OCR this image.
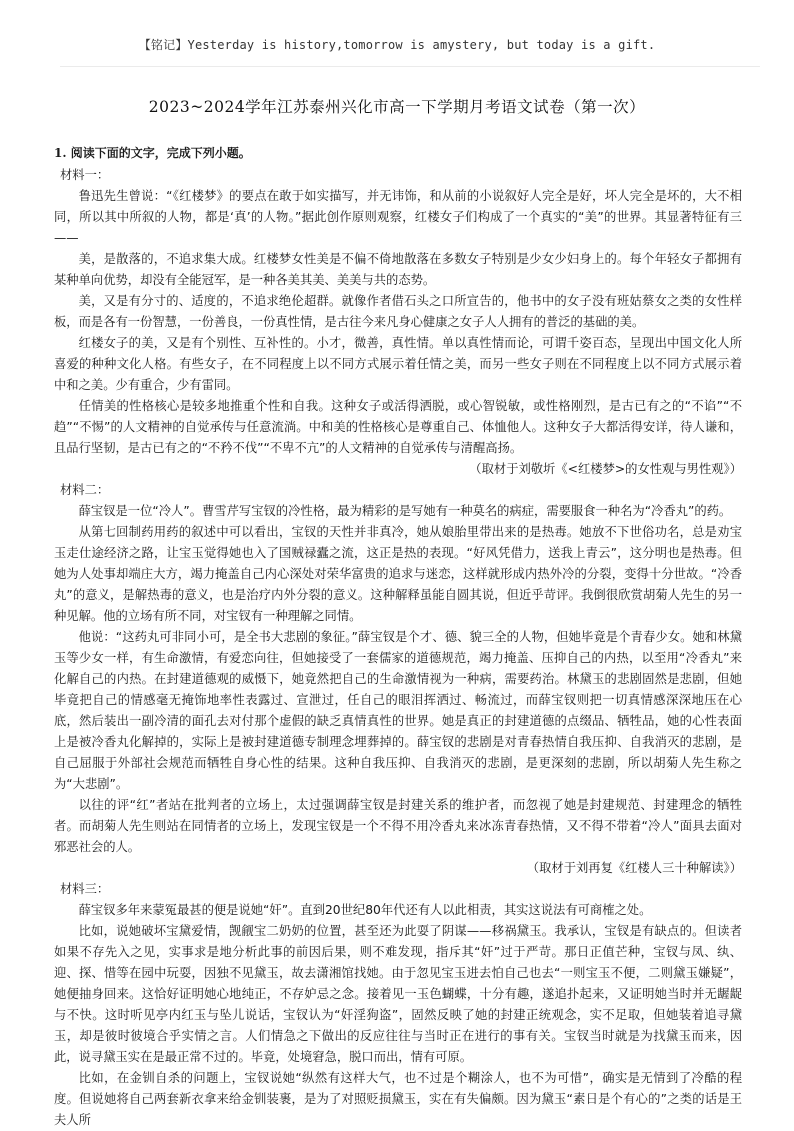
【铭记】Yesterday is history,tomorrow is amystery, but today is a gift.
2023~2024学年江苏泰州兴化市高一下学期月考语文试卷（第一次）

1. 阅读下面的文字，完成下列小题。

材料一：

鲁迅先生曾说：“《红楼梦》的要点在敢于如实描写，并无讳饰，和从前的小说叙好人完全是好，坏人完全是坏的，大不相同，所以其中所叙的人物，都是‘真’的人物。”据此创作原则观察，红楼女子们构成了一个真实的“美”的世界。其显著特征有三——

美，是散落的，不追求集大成。红楼梦女性美是不偏不倚地散落在多数女子特别是少女少妇身上的。每个年轻女子都拥有某种单向优势，却没有全能冠军，是一种各美其美、美美与共的态势。

美，又是有分寸的、适度的，不追求绝伦超群。就像作者借石头之口所宣告的，他书中的女子没有班姑蔡女之类的女性样板，而是各有一份智慧，一份善良，一份真性情，是古往今来凡身心健康之女子人人拥有的普泛的基础的美。

红楼女子的美，又是有个别性、互补性的。小才，微善，真性情。单以真性情而论，可谓千姿百态，呈现出中国文化人所喜爱的种种文化人格。有些女子，在不同程度上以不同方式展示着任情之美，而另一些女子则在不同程度上以不同方式展示着中和之美。少有重合，少有雷同。

任情美的性格核心是较多地推重个性和自我。这种女子或活得洒脱，或心智锐敏，或性格刚烈，是古已有之的“不谄”“不趋”“不惕”的人文精神的自觉承传与任意流淌。中和美的性格核心是尊重自己、体恤他人。这种女子大都活得安详，待人谦和，且品行坚韧，是古已有之的“不矜不伐”“不卑不亢”的人文精神的自觉承传与清醒高扬。

（取材于刘敬圻《<红楼梦>的女性观与男性观》）

材料二：

薛宝钗是一位“冷人”。曹雪芹写宝钗的冷性格，最为精彩的是写她有一种莫名的病症，需要服食一种名为“冷香丸”的药。

从第七回制药用药的叙述中可以看出，宝钗的天性并非真冷，她从娘胎里带出来的是热毒。她放不下世俗功名，总是劝宝玉走仕途经济之路，让宝玉觉得她也入了国贼禄蠹之流，这正是热的表现。“好风凭借力，送我上青云”，这分明也是热毒。但她为人处事却端庄大方，竭力掩盖自己内心深处对荣华富贵的追求与迷恋，这样就形成内热外冷的分裂，变得十分世故。“冷香丸”的意义，是解热毒的意义，也是治疗内外分裂的意义。这种解释虽能自圆其说，但近乎苛评。我倒很欣赏胡菊人先生的另一种见解。他的立场有所不同，对宝钗有一种理解之同情。

他说：“这药丸可非同小可，是全书大悲剧的象征。”薛宝钗是个才、德、貌三全的人物，但她毕竟是个青春少女。她和林黛玉等少女一样，有生命激情，有爱恋向往，但她接受了一套儒家的道德规范，竭力掩盖、压抑自己的内热，以至用“冷香丸”来化解自己的内热。在封建道德观的威慑下，她竟然把自己的生命激情视为一种病，需要药治。林黛玉的悲剧固然是悲剧，但她毕竟把自己的情感毫无掩饰地率性表露过、宣泄过，任自己的眼泪挥洒过、畅流过，而薛宝钗则把一切真情感深深地压在心底，然后装出一副冷清的面孔去对付那个虚假的缺乏真情真性的世界。她是真正的封建道德的点缀品、牺牲品，她的心性表面上是被冷香丸化解掉的，实际上是被封建道德专制理念埋葬掉的。薛宝钗的悲剧是对青春热情自我压抑、自我消灭的悲剧，是自己屈服于外部社会规范而牺牲自身心性的结果。这种自我压抑、自我消灭的悲剧，是更深刻的悲剧，所以胡菊人先生称之为“大悲剧”。

以往的评“红”者站在批判者的立场上，太过强调薛宝钗是封建关系的维护者，而忽视了她是封建规范、封建理念的牺牲者。而胡菊人先生则站在同情者的立场上，发现宝钗是一个不得不用冷香丸来冰冻青春热情，又不得不带着“冷人”面具去面对邪恶社会的人。

（取材于刘再复《红楼人三十种解读》）

材料三：

薛宝钗多年来蒙冤最甚的便是说她“奸”。直到20世纪80年代还有人以此相责，其实这说法有可商榷之处。

比如，说她破坏宝黛爱情，觊觎宝二奶奶的位置，甚至还为此耍了阴谋——移祸黛玉。我承认，宝钗是有缺点的。但读者如果不存先入之见，实事求是地分析此事的前因后果，则不难发现，指斥其“奸”过于严苛。那日正值芒种，宝钗与凤、纨、迎、探、惜等在园中玩耍，因独不见黛玉，故去潇湘馆找她。由于忽见宝玉进去怕自己也去“一则宝玉不便，二则黛玉嫌疑”，她便抽身回来。这恰好证明她心地纯正，不存妒忌之念。接着见一玉色蝴蝶，十分有趣，遂追扑起来，又证明她当时并无龌龊与不快。这时听见亭内红玉与坠儿说话，宝钗认为“奸淫狗盗”，固然反映了她的封建正统观念，实不足取，但她装着追寻黛玉，却是彼时彼境合乎实情之言。人们情急之下做出的反应往往与当时正在进行的事有关。宝钗当时就是为找黛玉而来，因此，说寻黛玉实在是最正常不过的。毕竟，处境窘急，脱口而出，情有可原。

比如，在金钏自杀的问题上，宝钗说她“纵然有这样大气，也不过是个糊涂人，也不为可惜”，确实是无情到了冷酷的程度。但说她将自己两套新衣拿来给金钏装裹，是为了对照贬损黛玉，实在有失偏颇。因为黛玉“素日是个有心的”之类的话是王夫人所
